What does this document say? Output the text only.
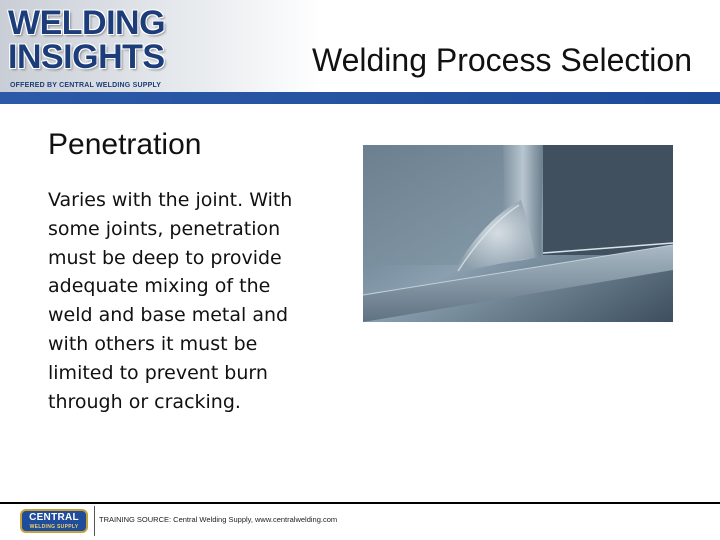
WELDING
INSIGHTS
OFFERED BY CENTRAL WELDING SUPPLY
Welding Process Selection
Penetration
Varies with the joint. With some joints, penetration must be deep to provide adequate mixing of the weld and base metal and with others it must be limited to prevent burn through or cracking.
CENTRAL
WELDING SUPPLY
TRAINING SOURCE: Central Welding Supply, www.centralwelding.com
